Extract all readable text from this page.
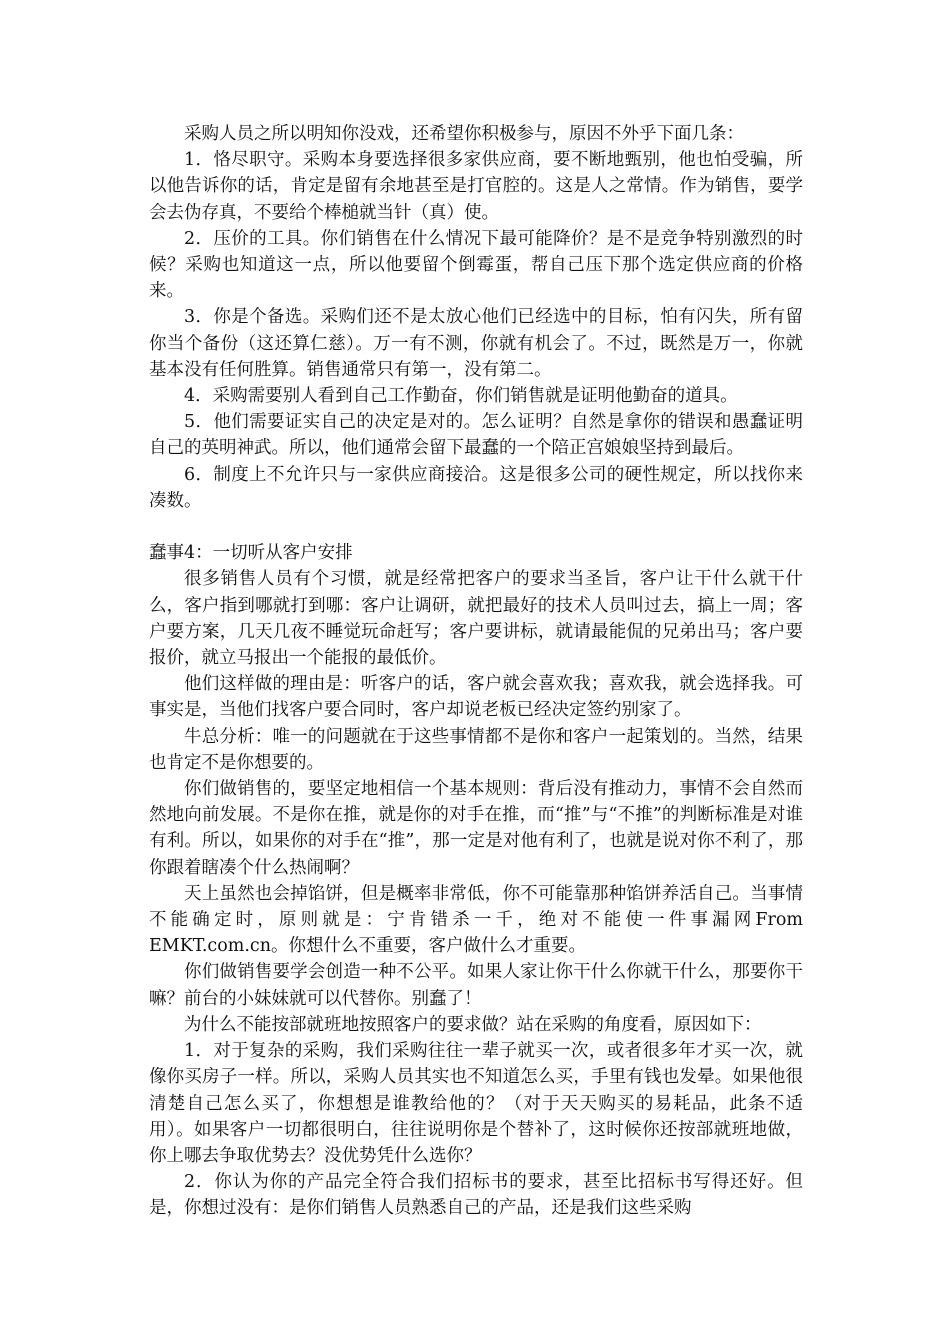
采购人员之所以明知你没戏，还希望你积极参与，原因不外乎下面几条：

1．恪尽职守。采购本身要选择很多家供应商，要不断地甄别，他也怕受骗，所以他告诉你的话，肯定是留有余地甚至是打官腔的。这是人之常情。作为销售，要学会去伪存真，不要给个棒槌就当针（真）使。

2．压价的工具。你们销售在什么情况下最可能降价？是不是竞争特别激烈的时候？采购也知道这一点，所以他要留个倒霉蛋，帮自己压下那个选定供应商的价格来。

3．你是个备选。采购们还不是太放心他们已经选中的目标，怕有闪失，所有留你当个备份（这还算仁慈）。万一有不测，你就有机会了。不过，既然是万一，你就基本没有任何胜算。销售通常只有第一，没有第二。

4．采购需要别人看到自己工作勤奋，你们销售就是证明他勤奋的道具。

5．他们需要证实自己的决定是对的。怎么证明？自然是拿你的错误和愚蠢证明自己的英明神武。所以，他们通常会留下最蠢的一个陪正宫娘娘坚持到最后。

6．制度上不允许只与一家供应商接洽。这是很多公司的硬性规定，所以找你来凑数。

蠢事4：一切听从客户安排

很多销售人员有个习惯，就是经常把客户的要求当圣旨，客户让干什么就干什么，客户指到哪就打到哪：客户让调研，就把最好的技术人员叫过去，搞上一周；客户要方案，几天几夜不睡觉玩命赶写；客户要讲标，就请最能侃的兄弟出马；客户要报价，就立马报出一个能报的最低价。

他们这样做的理由是：听客户的话，客户就会喜欢我；喜欢我，就会选择我。可事实是，当他们找客户要合同时，客户却说老板已经决定签约别家了。

牛总分析：唯一的问题就在于这些事情都不是你和客户一起策划的。当然，结果也肯定不是你想要的。

你们做销售的，要坚定地相信一个基本规则：背后没有推动力，事情不会自然而然地向前发展。不是你在推，就是你的对手在推，而“推”与“不推”的判断标准是对谁有利。所以，如果你的对手在“推”，那一定是对他有利了，也就是说对你不利了，那你跟着瞎凑个什么热闹啊？

天上虽然也会掉馅饼，但是概率非常低，你不可能靠那种馅饼养活自己。当事情不能确定时，原则就是：宁肯错杀一千，绝对不能使一件事漏网From EMKT.com.cn。你想什么不重要，客户做什么才重要。

你们做销售要学会创造一种不公平。如果人家让你干什么你就干什么，那要你干嘛？前台的小妹妹就可以代替你。别蠢了！

为什么不能按部就班地按照客户的要求做？站在采购的角度看，原因如下：

1．对于复杂的采购，我们采购往往一辈子就买一次，或者很多年才买一次，就像你买房子一样。所以，采购人员其实也不知道怎么买，手里有钱也发晕。如果他很清楚自己怎么买了，你想想是谁教给他的？（对于天天购买的易耗品，此条不适用）。如果客户一切都很明白，往往说明你是个替补了，这时候你还按部就班地做，你上哪去争取优势去？没优势凭什么选你？

2．你认为你的产品完全符合我们招标书的要求，甚至比招标书写得还好。但是，你想过没有：是你们销售人员熟悉自己的产品，还是我们这些采购
